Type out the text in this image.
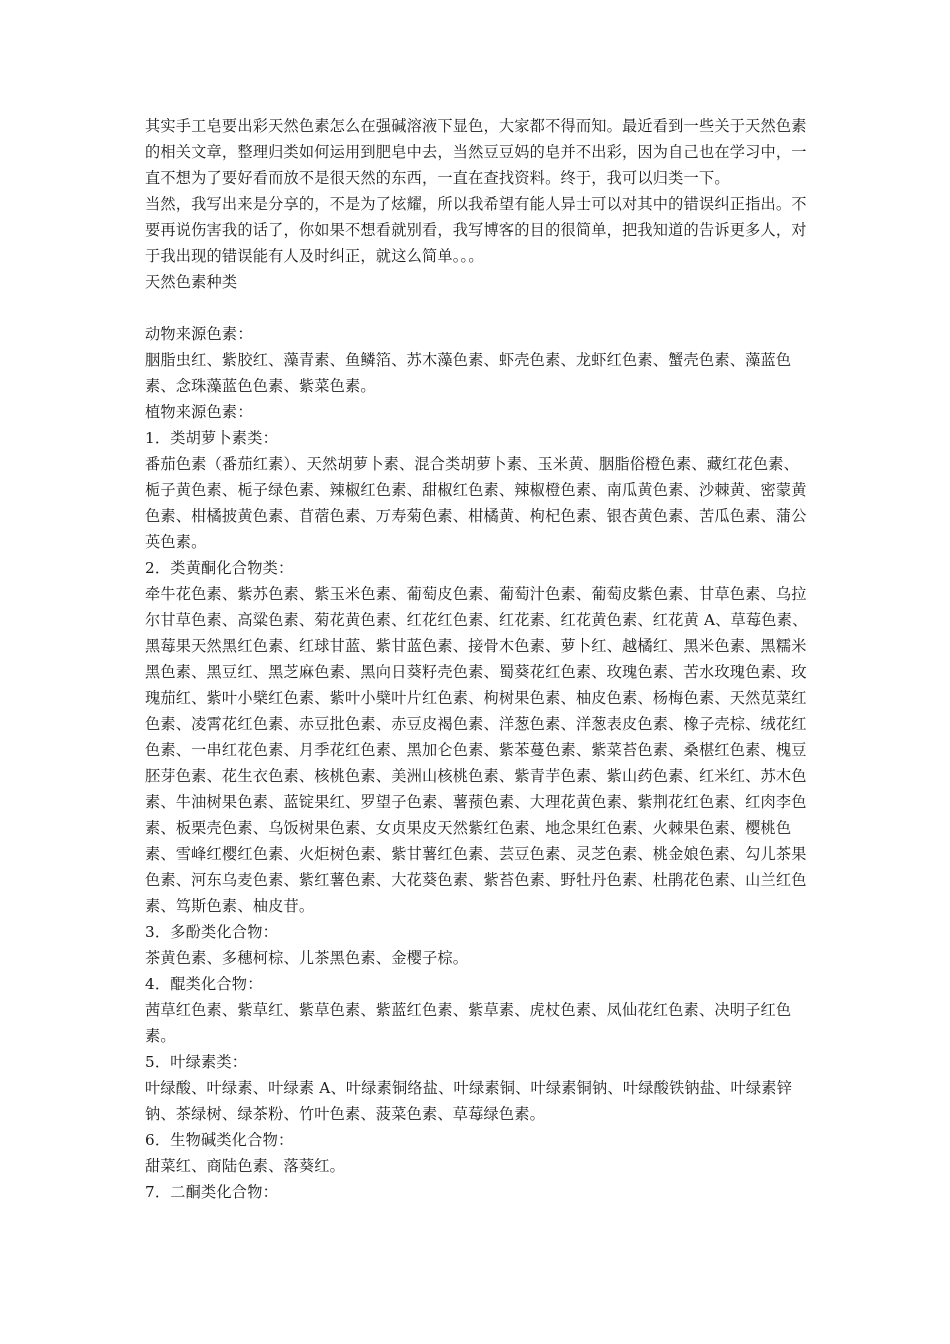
其实手工皂要出彩天然色素怎么在强碱溶液下显色，大家都不得而知。最近看到一些关于天然色素的相关文章，整理归类如何运用到肥皂中去，当然豆豆妈的皂并不出彩，因为自己也在学习中，一直不想为了要好看而放不是很天然的东西，一直在查找资料。终于，我可以归类一下。

当然，我写出来是分享的，不是为了炫耀，所以我希望有能人异士可以对其中的错误纠正指出。不要再说伤害我的话了，你如果不想看就别看，我写博客的目的很简单，把我知道的告诉更多人，对于我出现的错误能有人及时纠正，就这么简单。。。

天然色素种类

动物来源色素：

胭脂虫红、紫胶红、藻青素、鱼鳞箔、苏木藻色素、虾壳色素、龙虾红色素、蟹壳色素、藻蓝色素、念珠藻蓝色色素、紫菜色素。

植物来源色素：

1．类胡萝卜素类：

番茄色素（番茄红素）、天然胡萝卜素、混合类胡萝卜素、玉米黄、胭脂俗橙色素、藏红花色素、栀子黄色素、栀子绿色素、辣椒红色素、甜椒红色素、辣椒橙色素、南瓜黄色素、沙棘黄、密蒙黄色素、柑橘披黄色素、苜蓿色素、万寿菊色素、柑橘黄、枸杞色素、银杏黄色素、苦瓜色素、蒲公英色素。

2．类黄酮化合物类：

牵牛花色素、紫苏色素、紫玉米色素、葡萄皮色素、葡萄汁色素、葡萄皮紫色素、甘草色素、乌拉尔甘草色素、高粱色素、菊花黄色素、红花红色素、红花素、红花黄色素、红花黄 A、草莓色素、黑莓果天然黑红色素、红球甘蓝、紫甘蓝色素、接骨木色素、萝卜红、越橘红、黑米色素、黑糯米黑色素、黑豆红、黑芝麻色素、黑向日葵籽壳色素、蜀葵花红色素、玫瑰色素、苦水玫瑰色素、玫瑰茄红、紫叶小檗红色素、紫叶小檗叶片红色素、枸树果色素、柚皮色素、杨梅色素、天然苋菜红色素、凌霄花红色素、赤豆批色素、赤豆皮褐色素、洋葱色素、洋葱表皮色素、橡子壳棕、绒花红色素、一串红花色素、月季花红色素、黑加仑色素、紫苯蔓色素、紫菜苔色素、桑椹红色素、槐豆胚芽色素、花生衣色素、核桃色素、美洲山核桃色素、紫青芋色素、紫山药色素、红米红、苏木色素、牛油树果色素、蓝锭果红、罗望子色素、薯蓣色素、大理花黄色素、紫荆花红色素、红肉李色素、板栗壳色素、乌饭树果色素、女贞果皮天然紫红色素、地念果红色素、火棘果色素、樱桃色素、雪峰红樱红色素、火炬树色素、紫甘薯红色素、芸豆色素、灵芝色素、桃金娘色素、勾儿茶果色素、河东乌麦色素、紫红薯色素、大花葵色素、紫苔色素、野牡丹色素、杜鹃花色素、山兰红色素、笃斯色素、柚皮苷。

3．多酚类化合物：

茶黄色素、多穗柯棕、儿茶黑色素、金樱子棕。

4．醌类化合物：

茜草红色素、紫草红、紫草色素、紫蓝红色素、紫草素、虎杖色素、凤仙花红色素、决明子红色素。

5．叶绿素类：

叶绿酸、叶绿素、叶绿素 A、叶绿素铜络盐、叶绿素铜、叶绿素铜钠、叶绿酸铁钠盐、叶绿素锌钠、茶绿树、绿茶粉、竹叶色素、菠菜色素、草莓绿色素。

6．生物碱类化合物：

甜菜红、商陆色素、落葵红。

7．二酮类化合物：
